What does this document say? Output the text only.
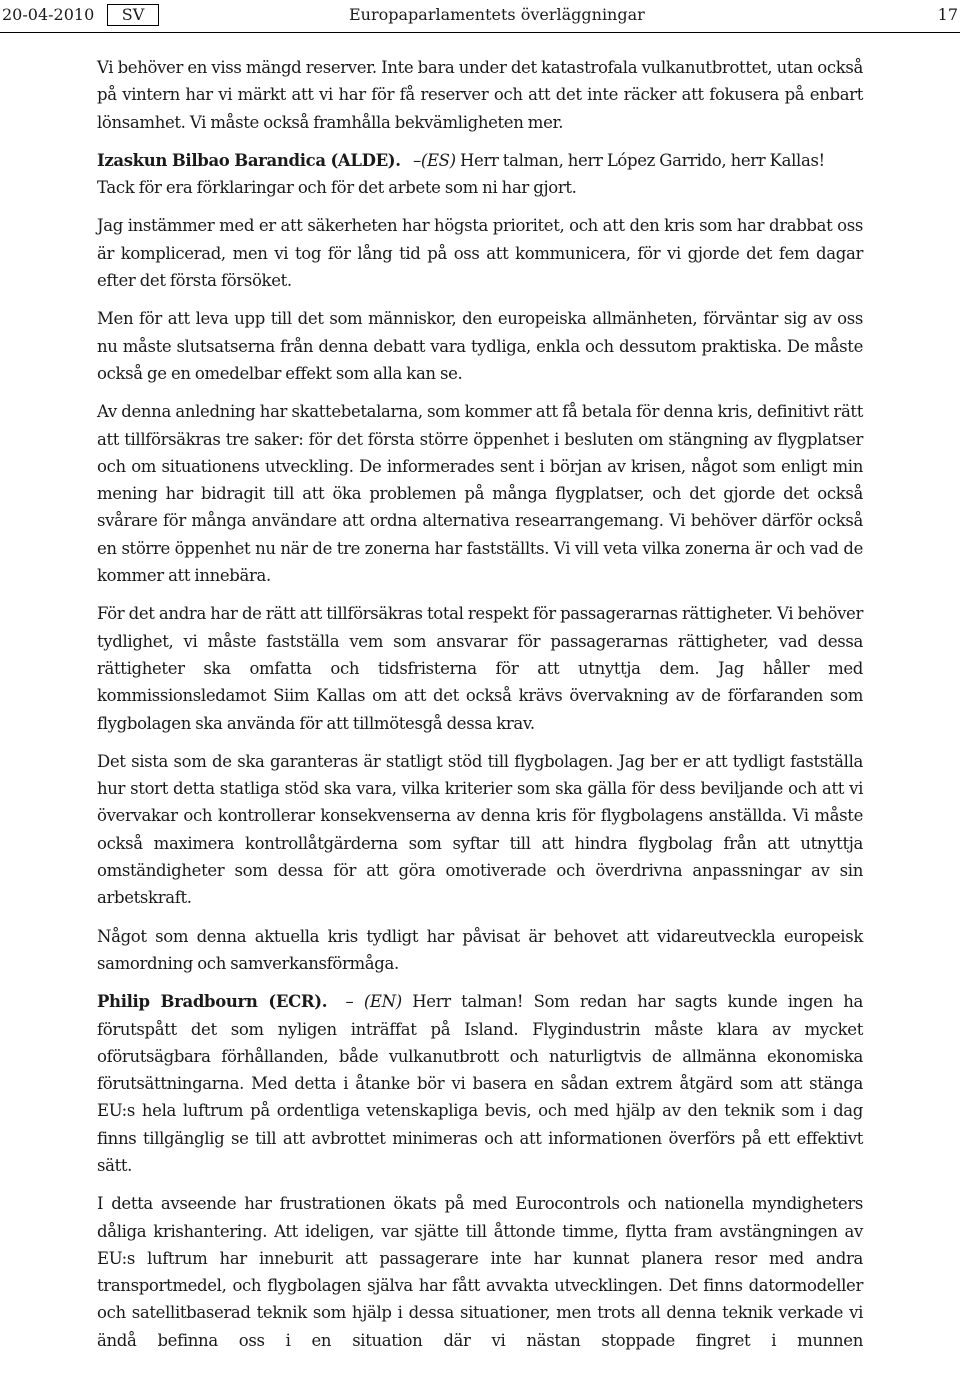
20-04-2010	SV	Europaparlamentets överläggningar	17

Vi behöver en viss mängd reserver. Inte bara under det katastrofala vulkanutbrottet, utan också på vintern har vi märkt att vi har för få reserver och att det inte räcker att fokusera på enbart lönsamhet. Vi måste också framhålla bekvämligheten mer.

Izaskun Bilbao Barandica (ALDE). –(ES) Herr talman, herr López Garrido, herr Kallas! Tack för era förklaringar och för det arbete som ni har gjort.

Jag instämmer med er att säkerheten har högsta prioritet, och att den kris som har drabbat oss är komplicerad, men vi tog för lång tid på oss att kommunicera, för vi gjorde det fem dagar efter det första försöket.

Men för att leva upp till det som människor, den europeiska allmänheten, förväntar sig av oss nu måste slutsatserna från denna debatt vara tydliga, enkla och dessutom praktiska. De måste också ge en omedelbar effekt som alla kan se.

Av denna anledning har skattebetalarna, som kommer att få betala för denna kris, definitivt rätt att tillförsäkras tre saker: för det första större öppenhet i besluten om stängning av flygplatser och om situationens utveckling. De informerades sent i början av krisen, något som enligt min mening har bidragit till att öka problemen på många flygplatser, och det gjorde det också svårare för många användare att ordna alternativa researrangemang. Vi behöver därför också en större öppenhet nu när de tre zonerna har fastställts. Vi vill veta vilka zonerna är och vad de kommer att innebära.

För det andra har de rätt att tillförsäkras total respekt för passagerarnas rättigheter. Vi behöver tydlighet, vi måste fastställa vem som ansvarar för passagerarnas rättigheter, vad dessa rättigheter ska omfatta och tidsfristerna för att utnyttja dem. Jag håller med kommissionsledamot Siim Kallas om att det också krävs övervakning av de förfaranden som flygbolagen ska använda för att tillmötesgå dessa krav.

Det sista som de ska garanteras är statligt stöd till flygbolagen. Jag ber er att tydligt fastställa hur stort detta statliga stöd ska vara, vilka kriterier som ska gälla för dess beviljande och att vi övervakar och kontrollerar konsekvenserna av denna kris för flygbolagens anställda. Vi måste också maximera kontrollåtgärderna som syftar till att hindra flygbolag från att utnyttja omständigheter som dessa för att göra omotiverade och överdrivna anpassningar av sin arbetskraft.

Något som denna aktuella kris tydligt har påvisat är behovet att vidareutveckla europeisk samordning och samverkansförmåga.

Philip Bradbourn (ECR). – (EN) Herr talman! Som redan har sagts kunde ingen ha förutspått det som nyligen inträffat på Island. Flygindustrin måste klara av mycket oförutsägbara förhållanden, både vulkanutbrott och naturligtvis de allmänna ekonomiska förutsättningarna. Med detta i åtanke bör vi basera en sådan extrem åtgärd som att stänga EU:s hela luftrum på ordentliga vetenskapliga bevis, och med hjälp av den teknik som i dag finns tillgänglig se till att avbrottet minimeras och att informationen överförs på ett effektivt sätt.

I detta avseende har frustrationen ökats på med Eurocontrols och nationella myndigheters dåliga krishantering. Att ideligen, var sjätte till åttonde timme, flytta fram avstängningen av EU:s luftrum har inneburit att passagerare inte har kunnat planera resor med andra transportmedel, och flygbolagen själva har fått avvakta utvecklingen. Det finns datormodeller och satellitbaserad teknik som hjälp i dessa situationer, men trots all denna teknik verkade vi ändå befinna oss i en situation där vi nästan stoppade fingret i munnen
